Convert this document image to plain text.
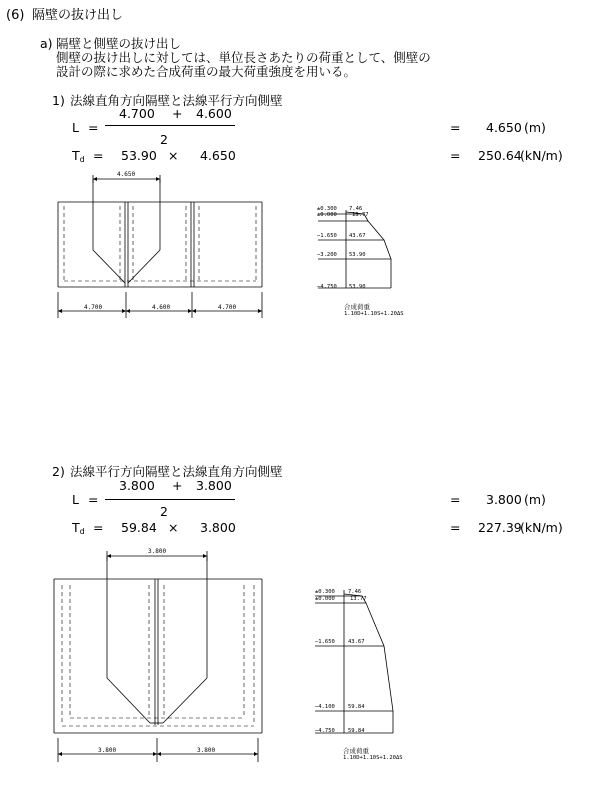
(6) 隔壁の抜け出し
a) 隔壁と側壁の抜け出し
側壁の抜け出しに対しては、単位長さあたりの荷重として、側壁の
設計の際に求めた合成荷重の最大荷重強度を用いる。
1) 法線直角方向隔壁と法線平行方向側壁
L =
4.700 + 4.600
2
= 4.650 (m)
$T_d = 53.90 \times 4.650$	= 250.64
(kN/m)
4.650
4.700	4.600	4.700
±0.300
±0.000
−1.650
−3.200
−4.750
7.46
13.77
43.67
53.90
53.90
合成荷重
1.10D+1.10S+1.20ΔS
2) 法線平行方向隔壁と法線直角方向側壁
L =
3.800 + 3.800
2
= 3.800 (m)
$T_d = 59.84 \times 3.800$	= 227.39
(kN/m)
3.800
3.800	3.800
±0.300
±0.000
−1.650
−4.100
−4.750
7.46
13.77
43.67
59.84
59.84
合成荷重
1.10D+1.10S+1.20ΔS
